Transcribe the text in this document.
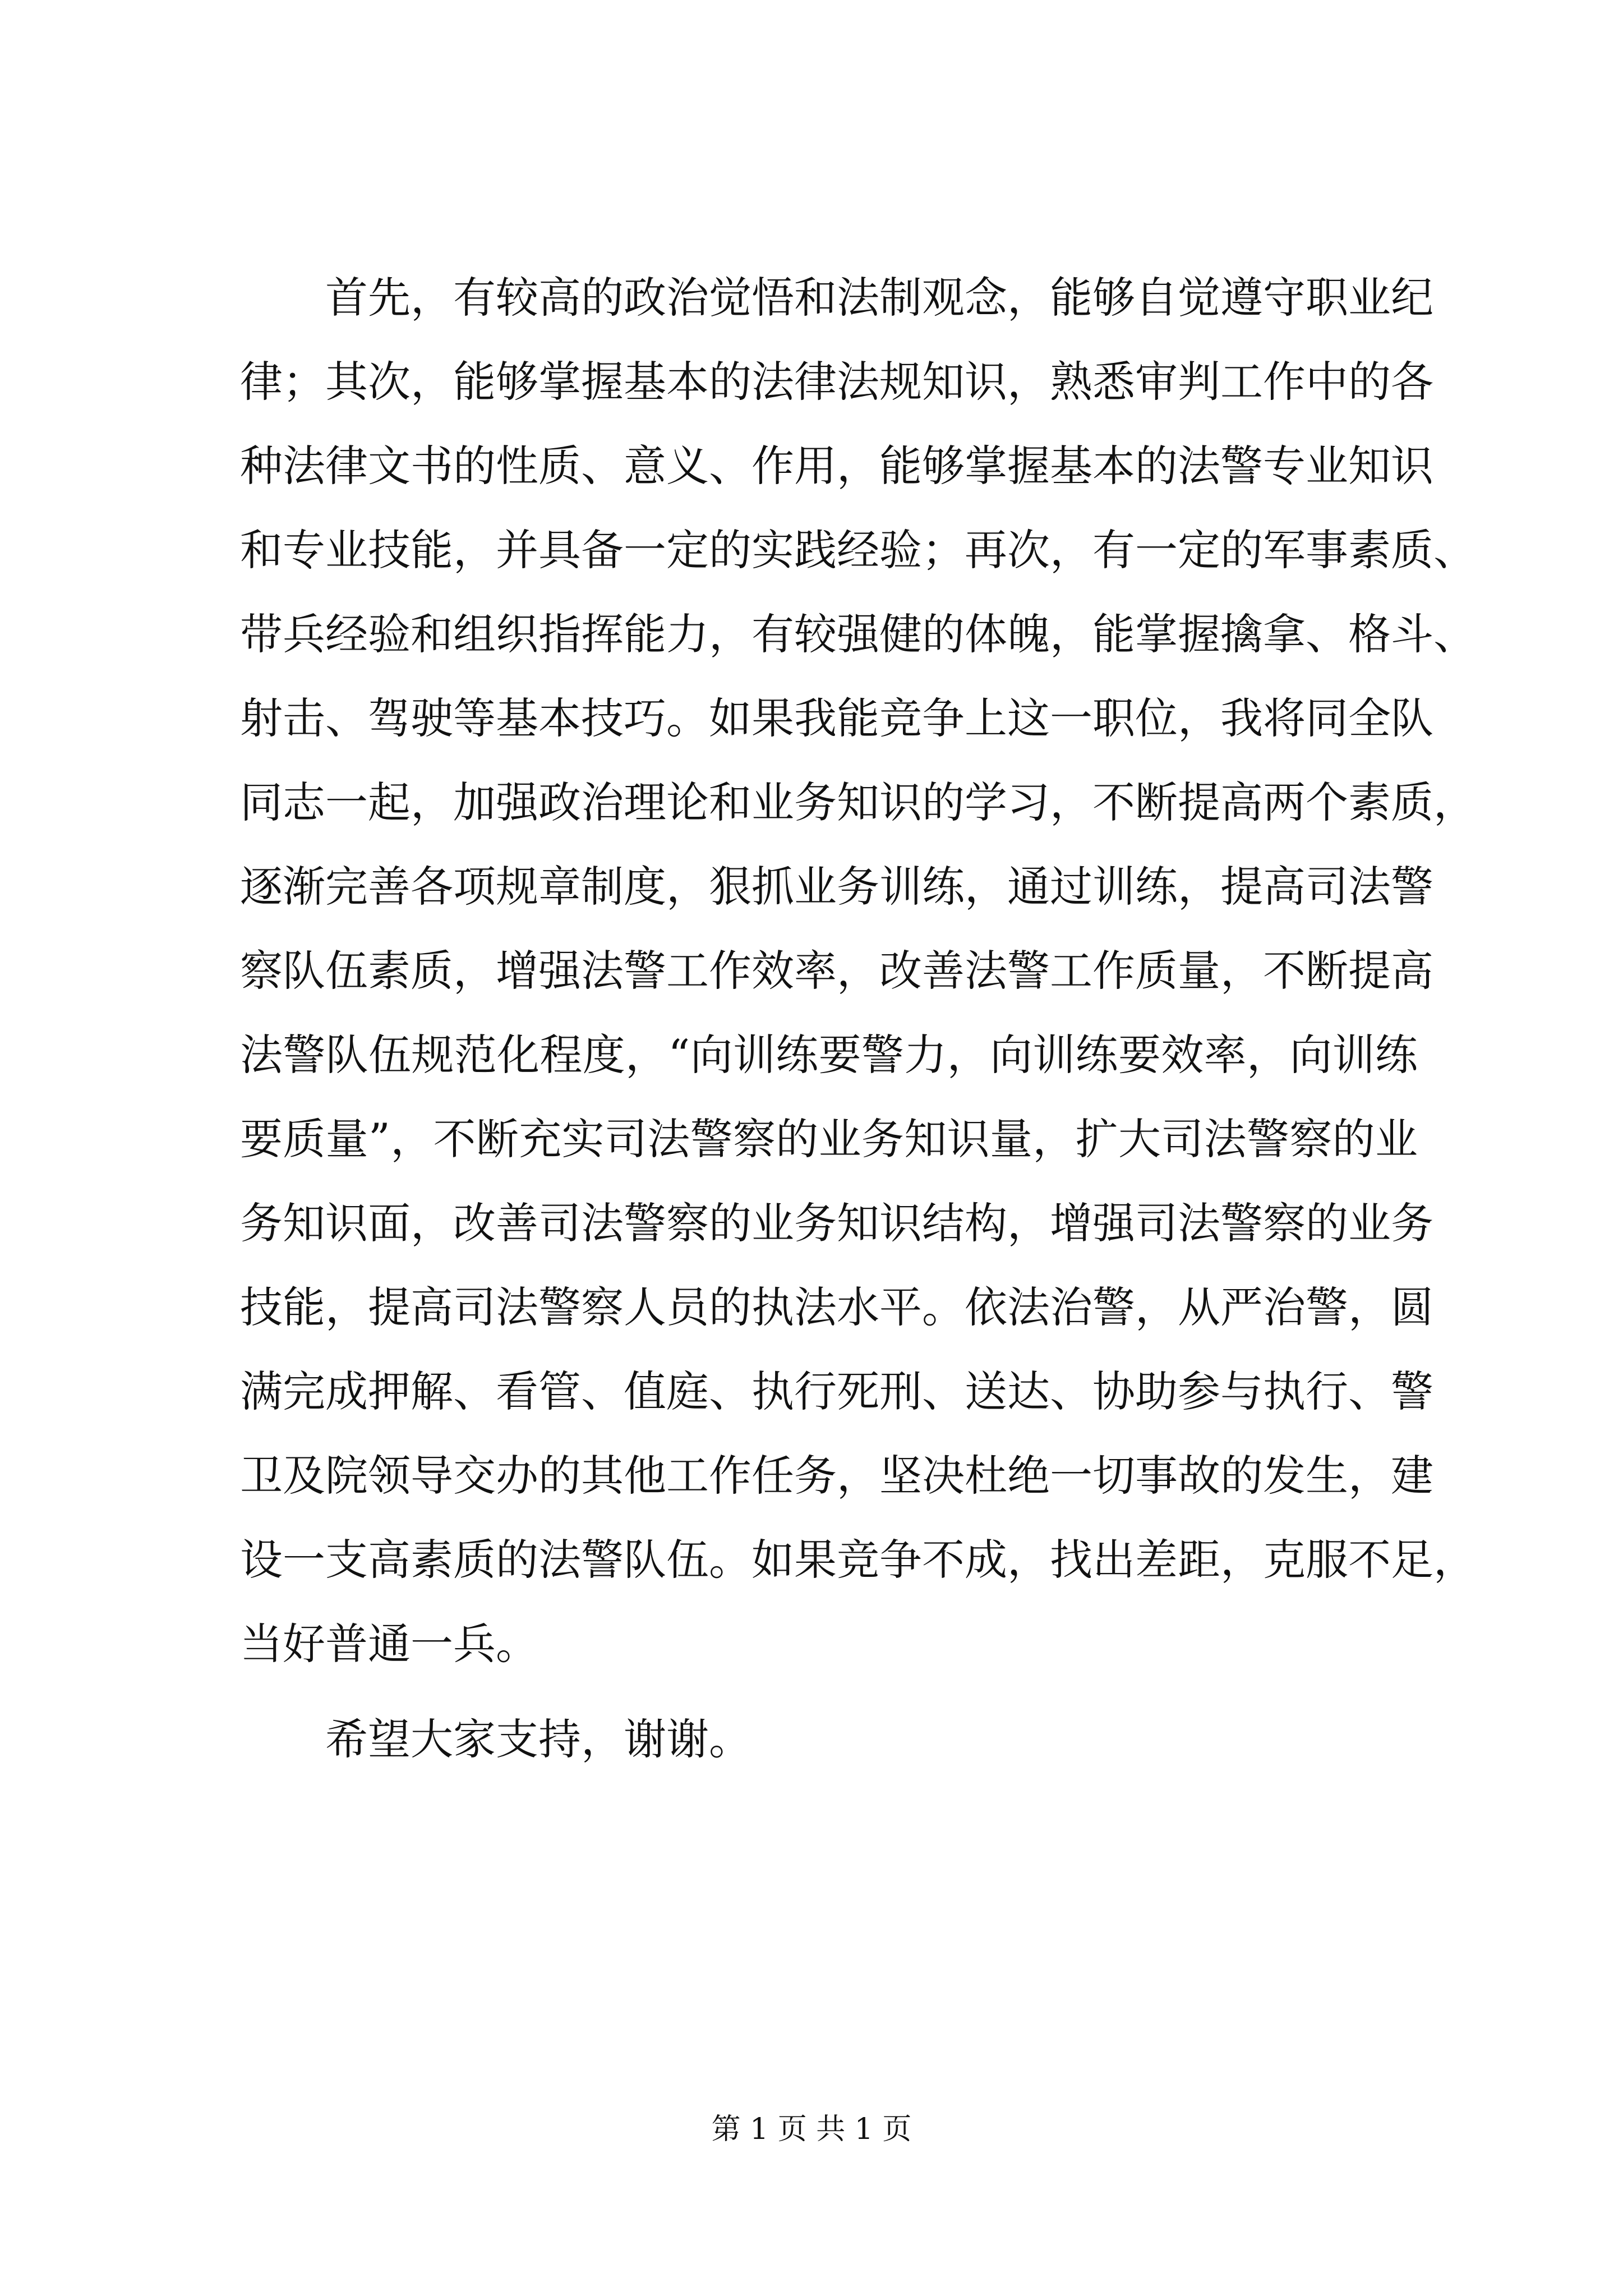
首先，有较高的政治觉悟和法制观念，能够自觉遵守职业纪
律；其次，能够掌握基本的法律法规知识，熟悉审判工作中的各
种法律文书的性质、意义、作用，能够掌握基本的法警专业知识
和专业技能，并具备一定的实践经验；再次，有一定的军事素质、
带兵经验和组织指挥能力，有较强健的体魄，能掌握擒拿、格斗、
射击、驾驶等基本技巧。如果我能竞争上这一职位，我将同全队
同志一起，加强政治理论和业务知识的学习，不断提高两个素质，
逐渐完善各项规章制度，狠抓业务训练，通过训练，提高司法警
察队伍素质，增强法警工作效率，改善法警工作质量，不断提高
法警队伍规范化程度，“向训练要警力，向训练要效率，向训练
要质量”，不断充实司法警察的业务知识量，扩大司法警察的业
务知识面，改善司法警察的业务知识结构，增强司法警察的业务
技能，提高司法警察人员的执法水平。依法治警，从严治警，圆
满完成押解、看管、值庭、执行死刑、送达、协助参与执行、警
卫及院领导交办的其他工作任务，坚决杜绝一切事故的发生，建
设一支高素质的法警队伍。如果竞争不成，找出差距，克服不足，
当好普通一兵。
希望大家支持，谢谢。
第 1 页 共 1 页
